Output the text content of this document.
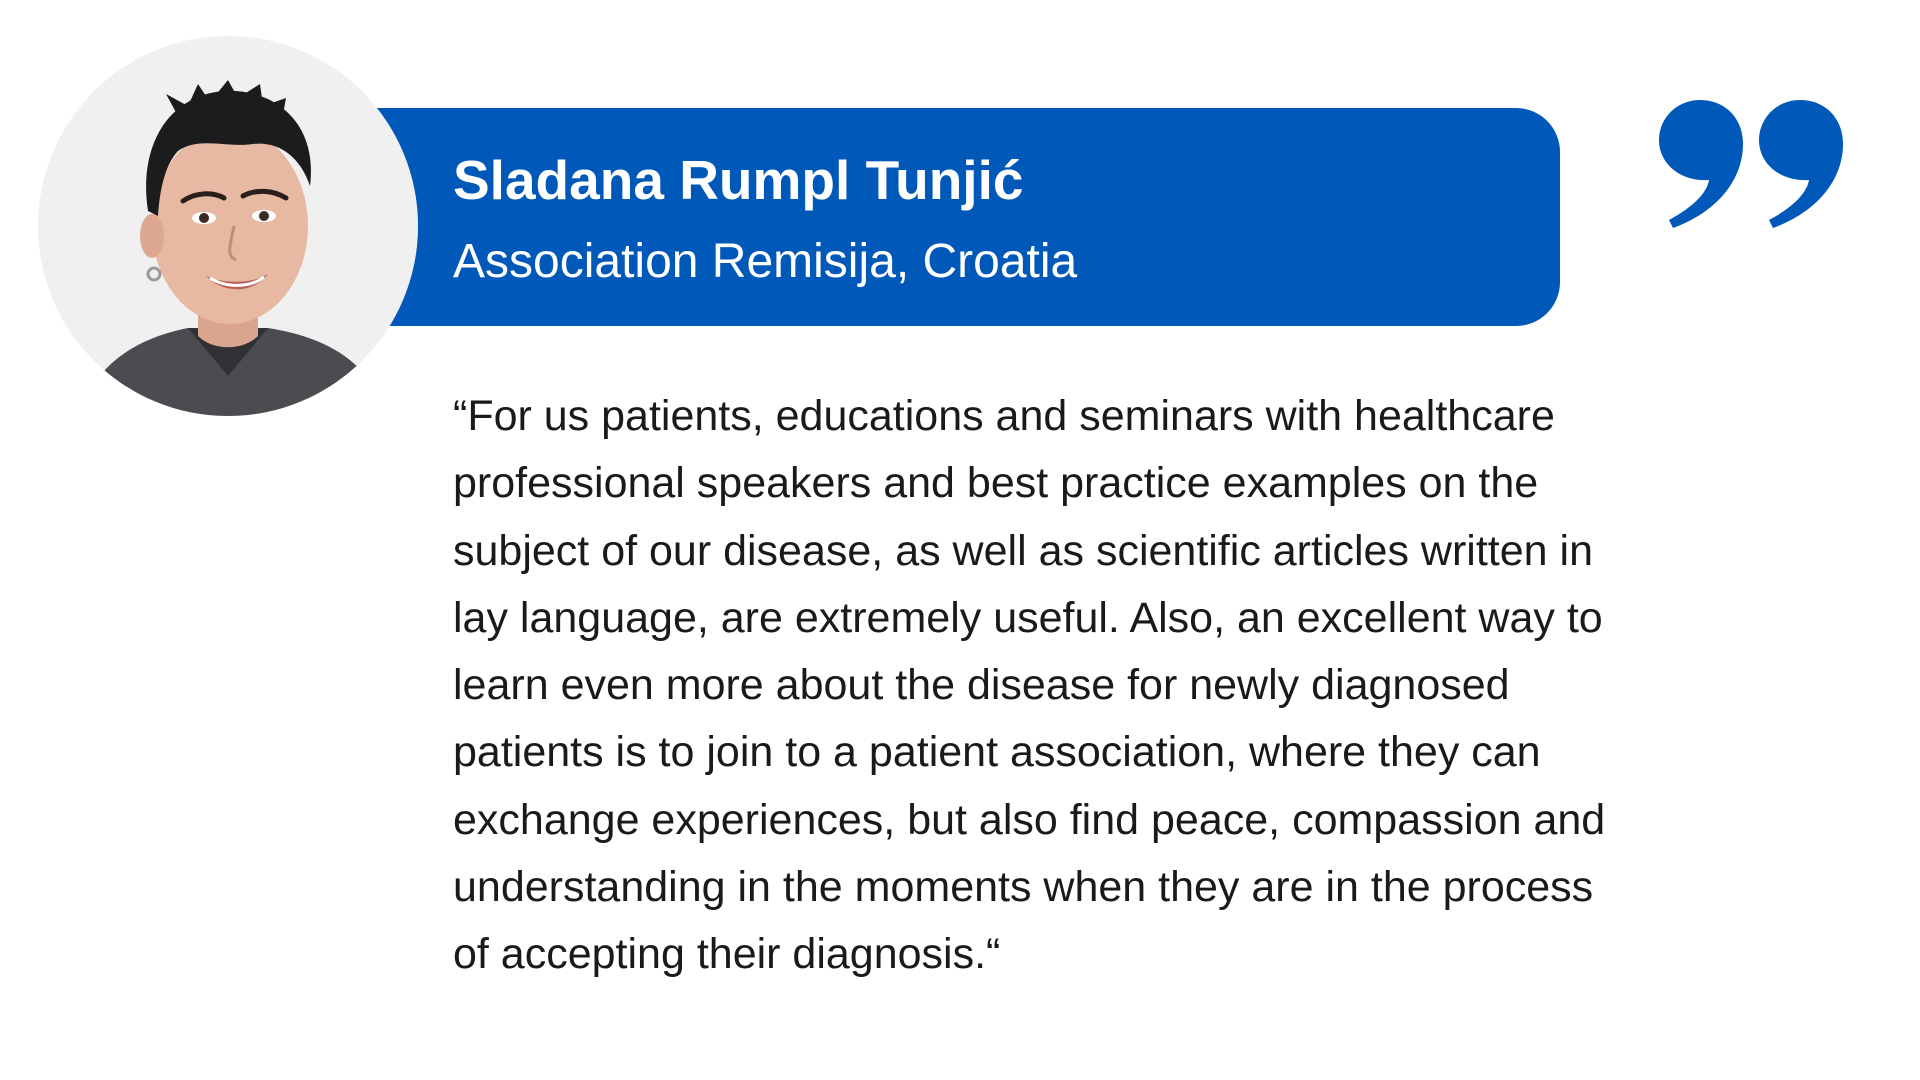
Sladana Rumpl Tunjić

Association Remisija, Croatia

“For us patients, educations and seminars with healthcare
professional speakers and best practice examples on the
subject of our disease, as well as scientific articles written in
lay language, are extremely useful. Also, an excellent way to
learn even more about the disease for newly diagnosed
patients is to join to a patient association, where they can
exchange experiences, but also find peace, compassion and
understanding in the moments when they are in the process
of accepting their diagnosis.“
